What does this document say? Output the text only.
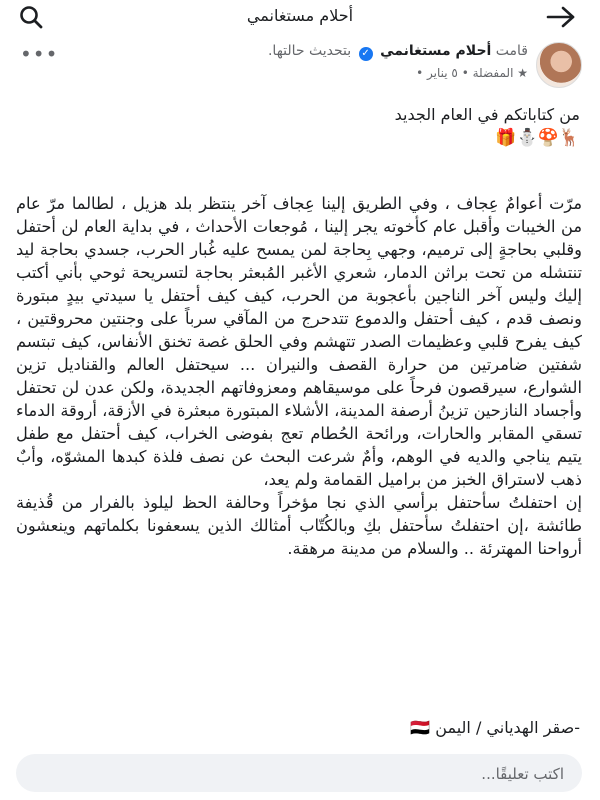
أحلام مستغانمي
قامت أحلام مستغانمي ✓ بتحديث حالتها.
★ المفضلة • ٥ يناير •
•••
من كتاباتكم في العام الجديد
🦌🍄⛄🎁

مرّت أعوامٌ عِجاف ، وفي الطريق إلينا عِجاف آخر ينتظر بلد هزيل ، لطالما مرّ عام من الخيبات وأقبل عام كأخوته يجر إلينا ، مُوجعات الأحداث ، في بداية العام لن أحتفل وقلبي بحاجةٍ إلى ترميم، وجهي بِحاجة لمن يمسح عليه غُبار الحرب، جسدي بحاجة ليد تنتشله من تحت براثن الدمار، شعري الأغبر المُبعثر بحاجة لتسريحة ثوحي بأني أكتب إليك وليس آخر الناجين بأعجوبة من الحرب، كيف كيف أحتفل يا سيدتي بيدٍ مبتورة ونصف قدم ، كيف أحتفل والدموع تتدحرج من المآقي سرباً على وجنتين محروقتين ، كيف يفرح قلبي وعظيمات الصدر تتهشم وفي الحلق غصة تخنق الأنفاس، كيف تبتسم شفتين ضامرتين من حرارة القصف والنيران ... سيحتفل العالم والقناديل تزين الشوارع، سيرقصون فرحاً على موسيقاهم ومعزوفاتهم الجديدة، ولكن عدن لن تحتفل وأجساد النازحين تزينُ أرصفة المدينة، الأشلاء المبتورة مبعثرة في الأزقة، أروقة الدماء تسقي المقابر والحارات، ورائحة الحُطام تعج بفوضى الخراب، كيف أحتفل مع طفل يتيم يناجي والديه في الوهم، وأمٌ شرعت البحث عن نصف فلذة كبدها المشوّه، وأبٌ ذهب لاستراق الخبز من براميل القمامة ولم يعد،

إن احتفلتُ سأحتفل برأسي الذي نجا مؤخراً وحالفة الحظ ليلوذ بالفرار من قُذيفة طائشة ،إن احتفلتُ سأحتفل بكِ وبالكُتّاب أمثالك الذين يسعفونا بكلماتهم وينعشون أرواحنا المهترئة .. والسلام من مدينة مرهقة.

-صقر الهدياني / اليمن 🇾🇪
اكتب تعليقًا...
